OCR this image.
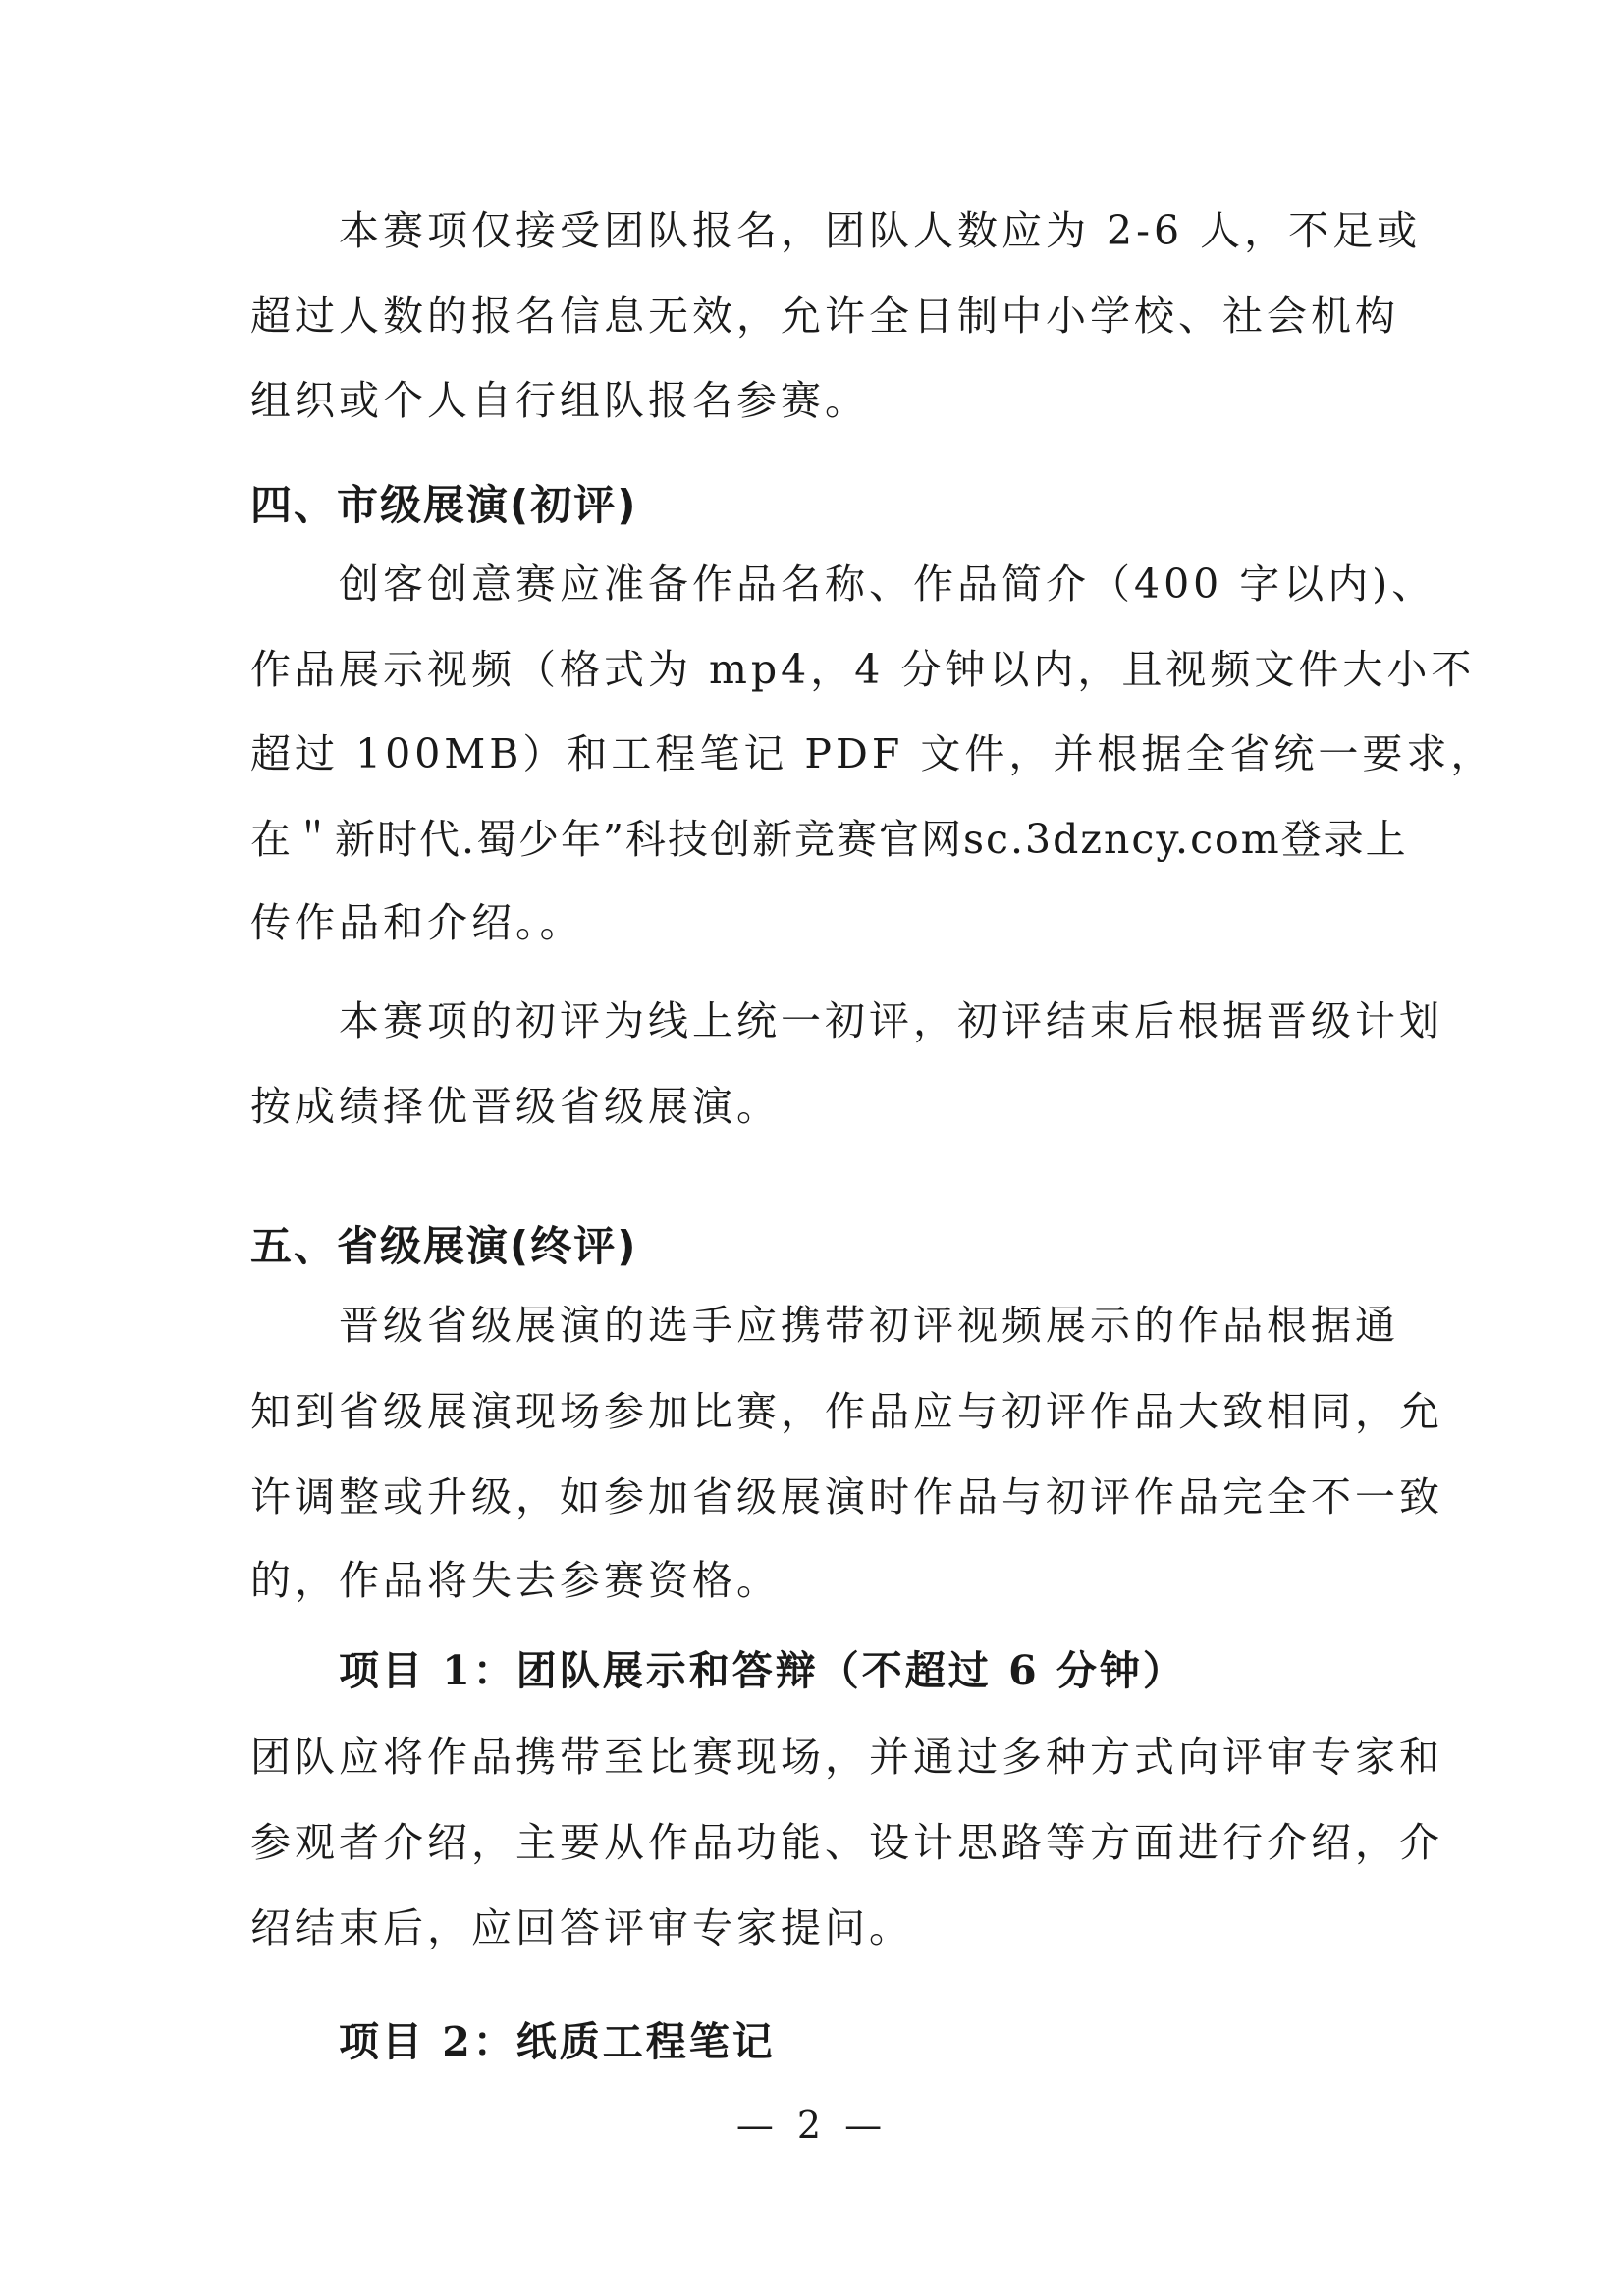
本赛项仅接受团队报名，团队人数应为 2-6 人，不足或

超过人数的报名信息无效，允许全日制中小学校、社会机构

组织或个人自行组队报名参赛。

四、市级展演(初评)

创客创意赛应准备作品名称、作品简介（400 字以内)、

作品展示视频（格式为 mp4，4 分钟以内，且视频文件大小不

超过 100MB）和工程笔记 PDF 文件，并根据全省统一要求，

在＂新时代.蜀少年”科技创新竞赛官网sc.3dzncy.com登录上

传作品和介绍。。

本赛项的初评为线上统一初评，初评结束后根据晋级计划

按成绩择优晋级省级展演。

五、省级展演(终评)

晋级省级展演的选手应携带初评视频展示的作品根据通

知到省级展演现场参加比赛，作品应与初评作品大致相同，允

许调整或升级，如参加省级展演时作品与初评作品完全不一致

的，作品将失去参赛资格。

项目 1：团队展示和答辩（不超过 6 分钟）

团队应将作品携带至比赛现场，并通过多种方式向评审专家和

参观者介绍，主要从作品功能、设计思路等方面进行介绍，介

绍结束后，应回答评审专家提问。

项目 2：纸质工程笔记
— 2 —
